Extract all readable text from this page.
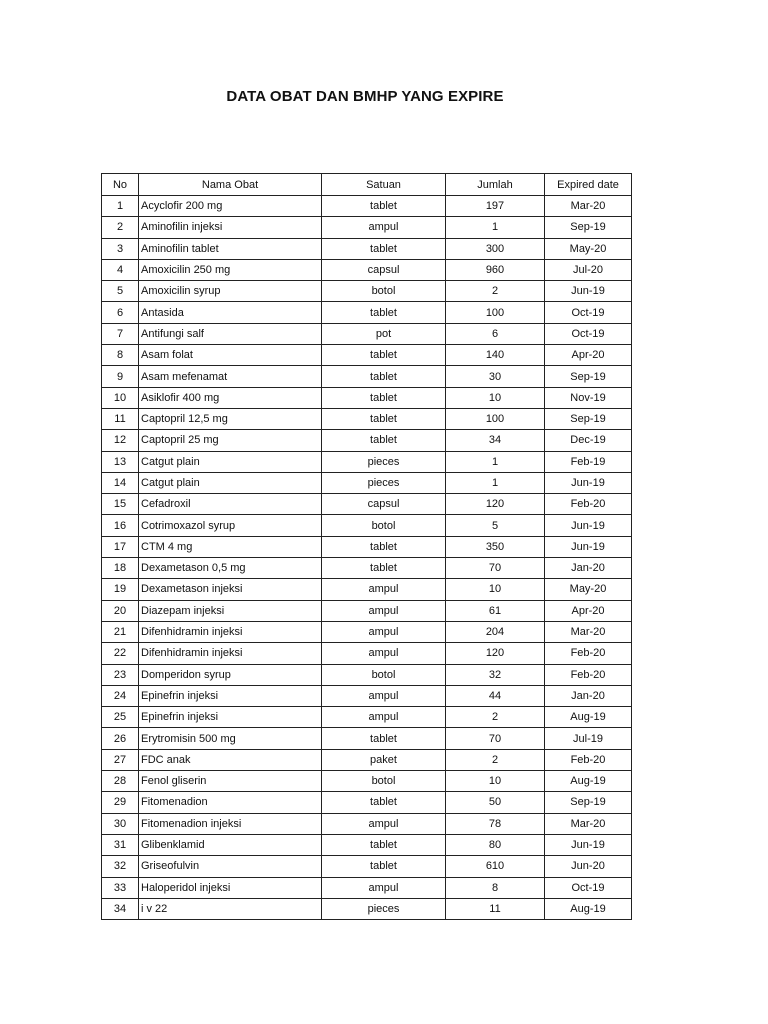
DATA OBAT DAN BMHP YANG EXPIRE
No	Nama Obat	Satuan	Jumlah	Expired date
1	Acyclofir 200 mg	tablet	197	Mar-20
2	Aminofilin injeksi	ampul	1	Sep-19
3	Aminofilin tablet	tablet	300	May-20
4	Amoxicilin 250 mg	capsul	960	Jul-20
5	Amoxicilin syrup	botol	2	Jun-19
6	Antasida	tablet	100	Oct-19
7	Antifungi salf	pot	6	Oct-19
8	Asam folat	tablet	140	Apr-20
9	Asam mefenamat	tablet	30	Sep-19
10	Asiklofir 400 mg	tablet	10	Nov-19
11	Captopril 12,5 mg	tablet	100	Sep-19
12	Captopril 25 mg	tablet	34	Dec-19
13	Catgut plain	pieces	1	Feb-19
14	Catgut plain	pieces	1	Jun-19
15	Cefadroxil	capsul	120	Feb-20
16	Cotrimoxazol syrup	botol	5	Jun-19
17	CTM 4 mg	tablet	350	Jun-19
18	Dexametason 0,5 mg	tablet	70	Jan-20
19	Dexametason injeksi	ampul	10	May-20
20	Diazepam injeksi	ampul	61	Apr-20
21	Difenhidramin injeksi	ampul	204	Mar-20
22	Difenhidramin injeksi	ampul	120	Feb-20
23	Domperidon syrup	botol	32	Feb-20
24	Epinefrin injeksi	ampul	44	Jan-20
25	Epinefrin injeksi	ampul	2	Aug-19
26	Erytromisin 500 mg	tablet	70	Jul-19
27	FDC anak	paket	2	Feb-20
28	Fenol gliserin	botol	10	Aug-19
29	Fitomenadion	tablet	50	Sep-19
30	Fitomenadion injeksi	ampul	78	Mar-20
31	Glibenklamid	tablet	80	Jun-19
32	Griseofulvin	tablet	610	Jun-20
33	Haloperidol injeksi	ampul	8	Oct-19
34	i v 22	pieces	11	Aug-19
